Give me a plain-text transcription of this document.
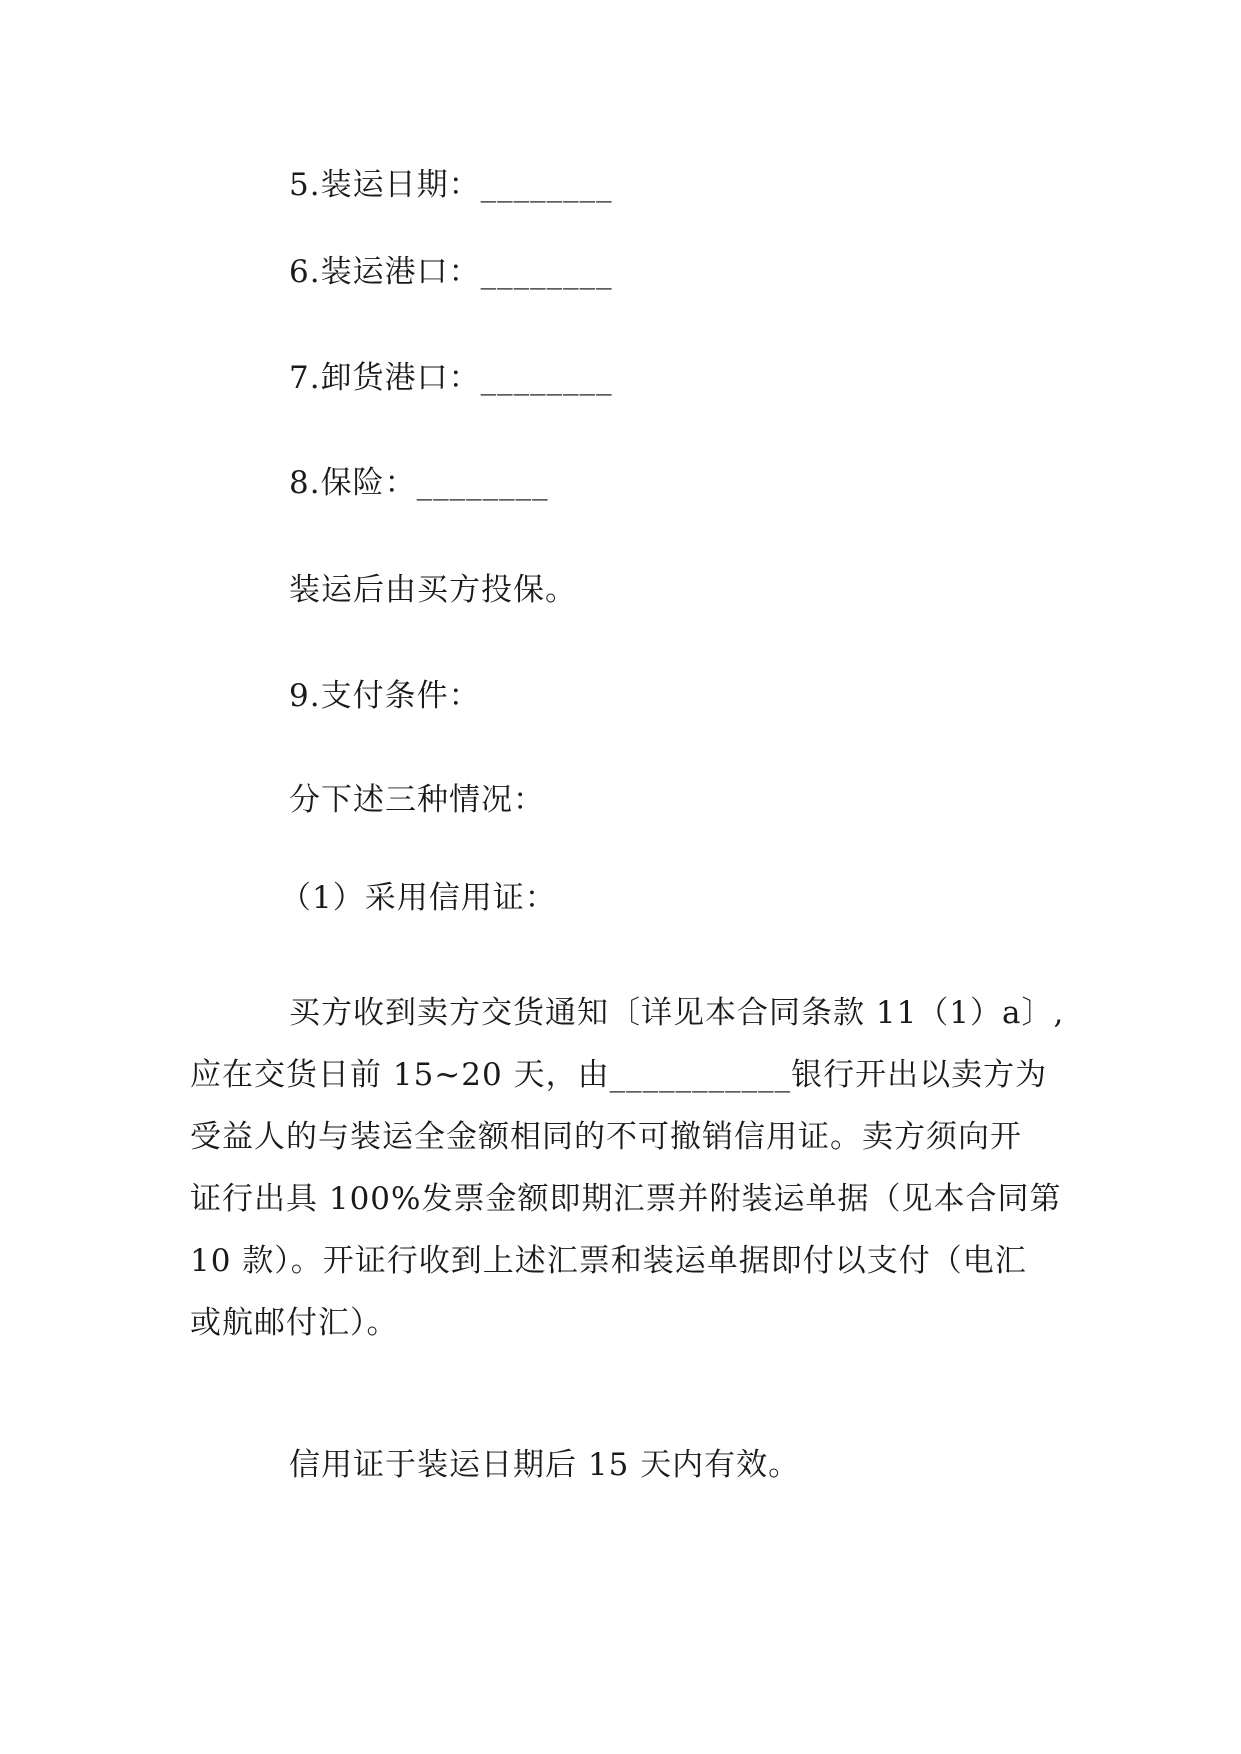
5.装运日期：________
6.装运港口：________
7.卸货港口：________
8.保险：________
装运后由买方投保。
9.支付条件：
分下述三种情况：
（1）采用信用证：
买方收到卖方交货通知〔详见本合同条款 11（1）a〕,
应在交货日前 15~20 天，由___________银行开出以卖方为
受益人的与装运全金额相同的不可撤销信用证。卖方须向开
证行出具 100%发票金额即期汇票并附装运单据（见本合同第
10 款）。开证行收到上述汇票和装运单据即付以支付（电汇
或航邮付汇）。
信用证于装运日期后 15 天内有效。
